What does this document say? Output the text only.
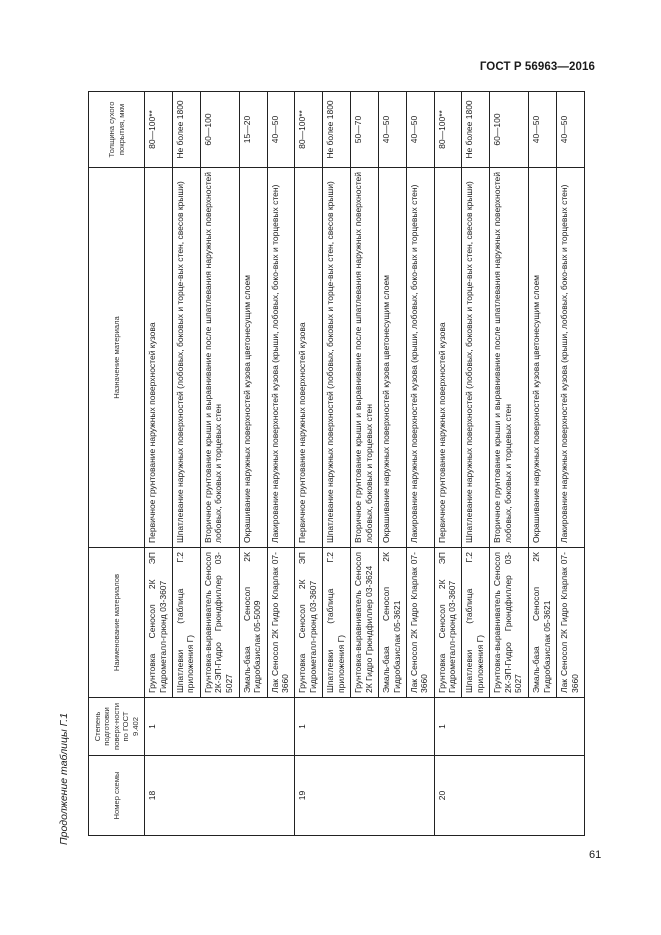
ГОСТ Р 56963—2016
Продолжение таблицы Г.1	Номер схемы	Степень подготовки поверх-ности по ГОСТ 9.402	Наименование материалов	Назначение материала	Толщина сухого покрытия, мкм
18	1	Грунтовка Сеносол 2К ЭП Гидрометалл-грюнд 03-3607	Первичное грунтование наружных поверхностей кузова	80—100**
		Шпатлевки (таблица Г.2 приложения Г)	Шпатлевание наружных поверхностей (лобовых, боковых и торце-вых стен, свесов крыши)	Не более 1800
		Грунтовка-выравниватель Сеносол 2К-ЭП-Гидро Грюндфиллер 03-5027	Вторичное грунтование крыши и выравнивание после шпатлевания наружных поверхностей лобовых, боковых и торцевых стен	60—100
		Эмаль-база Сеносол 2К Гидробазислак 05-5009	Окрашивание наружных поверхностей кузова цветонесущим слоем	15—20
		Лак Сеносол 2К Гидро Кларлак 07-3660	Лакирование наружных поверхностей кузова (крыши, лобовых, боко-вых и торцевых стен)	40—50
19	1	Грунтовка Сеносол 2К ЭП Гидрометалл-грюнд 03-3607	Первичное грунтование наружных поверхностей кузова	80—100**
		Шпатлевки (таблица Г.2 приложения Г)	Шпатлевание наружных поверхностей (лобовых, боковых и торце-вых стен, свесов крыши)	Не более 1800
		Грунтовка-выравниватель Сеносол 2К Гидро Грюндфиллер 03-3624	Вторичное грунтование крыши и выравнивание после шпатлевания наружных поверхностей лобовых, боковых и торцевых стен	50—70
		Эмаль-база Сеносол 2К Гидробазислак 05-3621	Окрашивание наружных поверхностей кузова цветонесущим слоем	40—50
		Лак Сеносол 2К Гидро Кларлак 07-3660	Лакирование наружных поверхностей кузова (крыши, лобовых, боко-вых и торцевых стен)	40—50
20	1	Грунтовка Сеносол 2К ЭП Гидрометалл-грюнд 03-3607	Первичное грунтование наружных поверхностей кузова	80—100**
		Шпатлевки (таблица Г.2 приложения Г)	Шпатлевание наружных поверхностей (лобовых, боковых и торце-вых стен, свесов крыши)	Не более 1800
		Грунтовка-выравниватель Сеносол 2К-ЭП-Гидро Грюндфиллер 03-5027	Вторичное грунтование крыши и выравнивание после шпатлевания наружных поверхностей лобовых, боковых и торцевых стен	60—100
		Эмаль-база Сеносол 2К Гидробазислак 05-3621	Окрашивание наружных поверхностей кузова цветонесущим слоем	40—50
		Лак Сеносол 2К Гидро Кларлак 07-3660	Лакирование наружных поверхностей кузова (крыши, лобовых, боко-вых и торцевых стен)	40—50
61
